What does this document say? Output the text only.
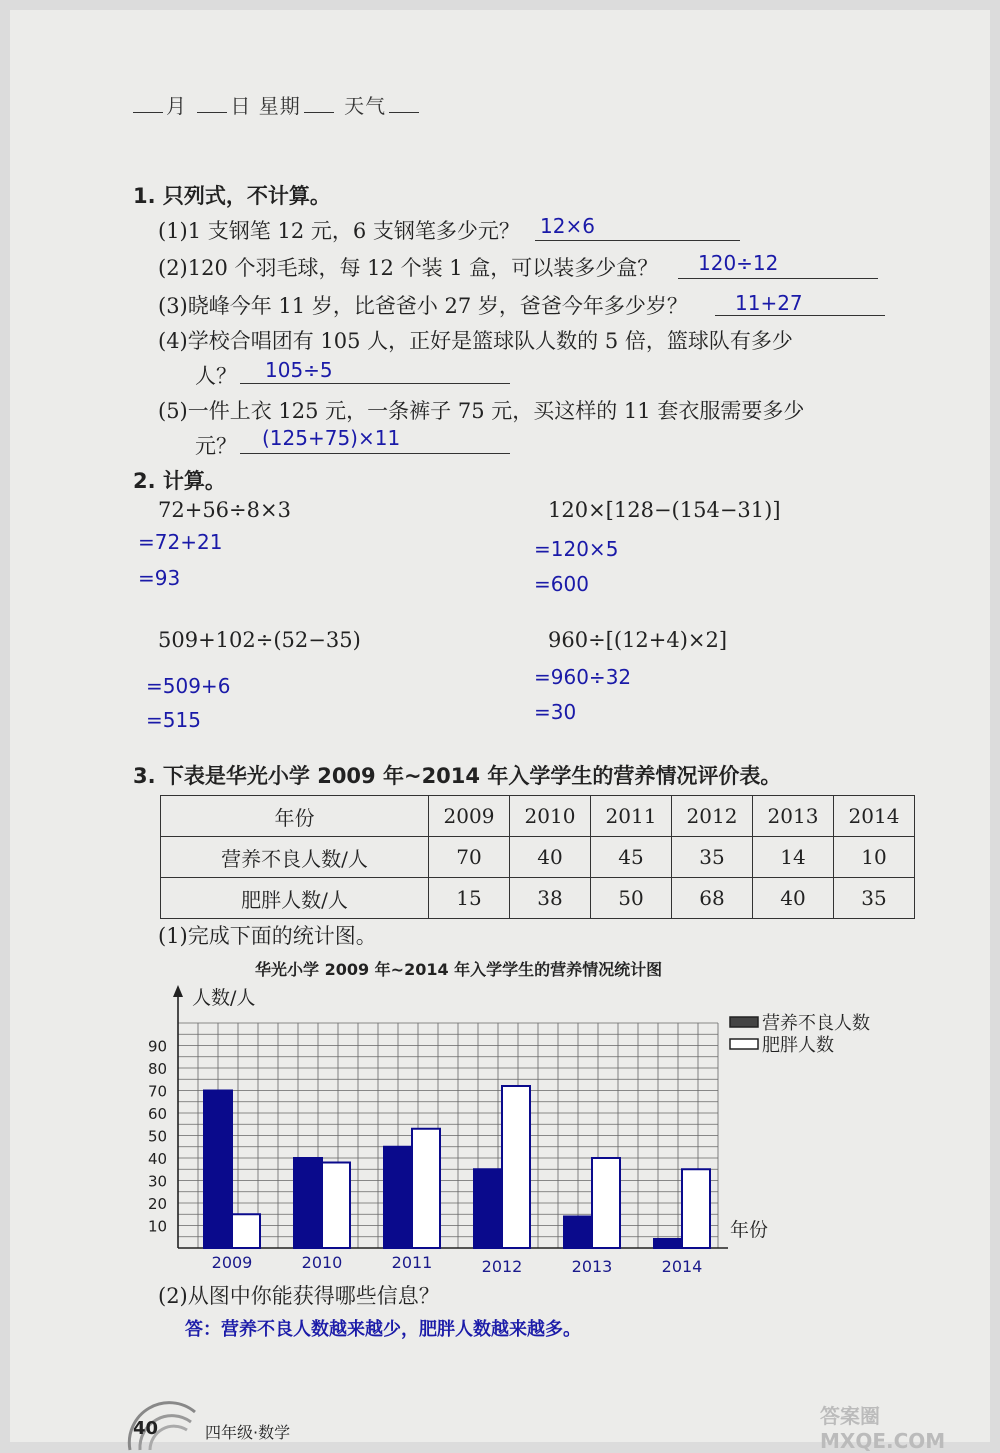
月 日 星期 天气
1. 只列式，不计算。
(1)1 支钢笔 12 元，6 支钢笔多少元？ 12×6
(2)120 个羽毛球，每 12 个装 1 盒，可以装多少盒？ 120÷12
(3)晓峰今年 11 岁，比爸爸小 27 岁，爸爸今年多少岁？ 11+27
(4)学校合唱团有 105 人，正好是篮球队人数的 5 倍，篮球队有多少
人？ 105÷5
(5)一件上衣 125 元，一条裤子 75 元，买这样的 11 套衣服需要多少
元？ (125+75)×11
2. 计算。
72+56÷8×3
=72+21
=93
120×[128−(154−31)]
=120×5
=600
509+102÷(52−35)
=509+6
=515
960÷[(12+4)×2]
=960÷32
=30
3. 下表是华光小学 2009 年~2014 年入学学生的营养情况评价表。
年份	2009	2010	2011	2012	2013	2014
营养不良人数/人	70	40	45	35	14	10
肥胖人数/人	15	38	50	68	40	35
(1)完成下面的统计图。
华光小学 2009 年~2014 年入学学生的营养情况统计图
人数/人
年份
10
20
30
40
50
60
70
80
90
2009	2010	2011	2012	2013	2014
营养不良人数
肥胖人数
(2)从图中你能获得哪些信息？
答：营养不良人数越来越少，肥胖人数越来越多。
40	四年级·数学
答案圈 MXQE.COM
